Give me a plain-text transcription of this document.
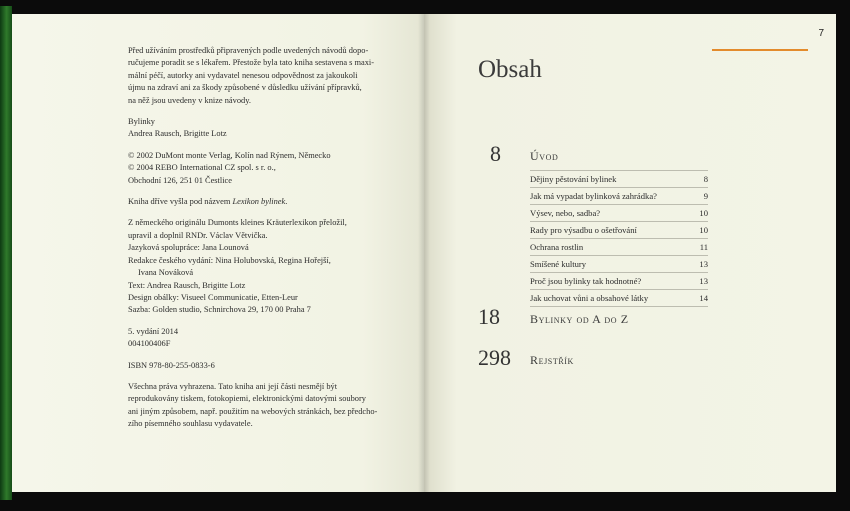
Před užíváním prostředků připravených podle uvedených návodů dopo-
ručujeme poradit se s lékařem. Přestože byla tato kniha sestavena s maxi-
mální péčí, autorky ani vydavatel nenesou odpovědnost za jakoukoli
újmu na zdraví ani za škody způsobené v důsledku užívání přípravků,
na něž jsou uvedeny v knize návody.

Bylinky
Andrea Rausch, Brigitte Lotz

© 2002 DuMont monte Verlag, Kolín nad Rýnem, Německo
© 2004 REBO International CZ spol. s r. o.,
Obchodní 126, 251 01 Čestlice

Kniha dříve vyšla pod názvem Lexikon bylinek.

Z německého originálu Dumonts kleines Kräuterlexikon přeložil,
upravil a doplnil RNDr. Václav Větvička.
Jazyková spolupráce: Jana Lounová
Redakce českého vydání: Nina Holubovská, Regina Hořejší,
Ivana Nováková
Text: Andrea Rausch, Brigitte Lotz
Design obálky: Visueel Communicatie, Etten-Leur
Sazba: Golden studio, Schnirchova 29, 170 00 Praha 7

5. vydání 2014
004100406F

ISBN 978-80-255-0833-6

Všechna práva vyhrazena. Tato kniha ani její části nesmějí být
reprodukovány tiskem, fotokopiemi, elektronickými datovými soubory
ani jiným způsobem, např. použitím na webových stránkách, bez předcho-
zího písemného souhlasu vydavatele.

7
Obsah
8 Úvod
Dějiny pěstování bylinek	8
Jak má vypadat bylinková zahrádka?	9
Výsev, nebo, sadba?	10
Rady pro výsadbu o ošetřování	10
Ochrana rostlin	11
Smíšené kultury	13
Proč jsou bylinky tak hodnotné?	13
Jak uchovat vůni a obsahové látky	14
18	Bylinky od A do Z
298 Rejstřík
